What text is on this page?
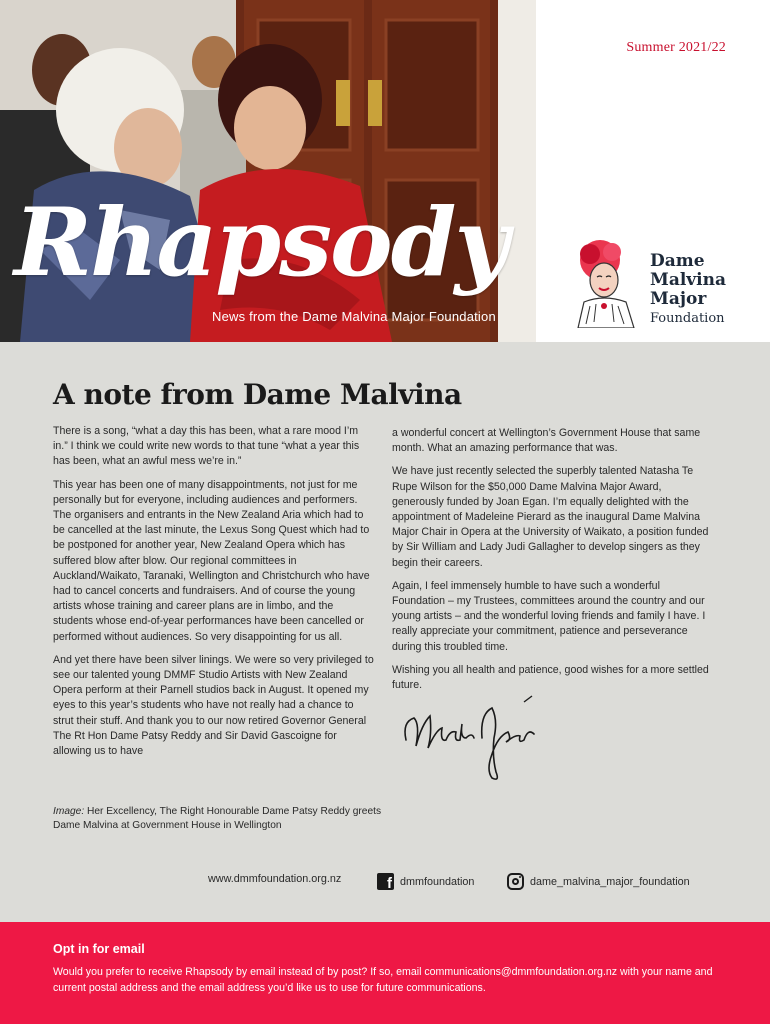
Rhapsody
News from the Dame Malvina Major Foundation
Summer 2021/22
Dame
Malvina
Major
Foundation
A note from Dame Malvina

There is a song, “what a day this has been, what a rare mood I’m in.” I think we could write new words to that tune “what a year this has been, what an awful mess we’re in.”

This year has been one of many disappointments, not just for me personally but for everyone, including audiences and performers. The organisers and entrants in the New Zealand Aria which had to be cancelled at the last minute, the Lexus Song Quest which had to be postponed for another year, New Zealand Opera which has suffered blow after blow. Our regional committees in Auckland/Waikato, Taranaki, Wellington and Christchurch who have had to cancel concerts and fundraisers. And of course the young artists whose training and career plans are in limbo, and the students whose end-of-year performances have been cancelled or performed without audiences. So very disappointing for us all.

And yet there have been silver linings. We were so very privileged to see our talented young DMMF Studio Artists with New Zealand Opera perform at their Parnell studios back in August. It opened my eyes to this year’s students who have not really had a chance to strut their stuff. And thank you to our now retired Governor General The Rt Hon Dame Patsy Reddy and Sir David Gascoigne for allowing us to have

a wonderful concert at Wellington’s Government House that same month. What an amazing performance that was.

We have just recently selected the superbly talented Natasha Te Rupe Wilson for the $50,000 Dame Malvina Major Award, generously funded by Joan Egan. I’m equally delighted with the appointment of Madeleine Pierard as the inaugural Dame Malvina Major Chair in Opera at the University of Waikato, a position funded by Sir William and Lady Judi Gallagher to develop singers as they begin their careers.

Again, I feel immensely humble to have such a wonderful Foundation – my Trustees, committees around the country and our young artists – and the wonderful loving friends and family I have. I really appreciate your commitment, patience and perseverance during this troubled time.

Wishing you all health and patience, good wishes for a more settled future.

Image: Her Excellency, The Right Honourable Dame Patsy Reddy greets Dame Malvina at Government House in Wellington
www.dmmfoundation.org.nz	f dmmfoundation	dame_malvina_major_foundation
Opt in for email
Would you prefer to receive Rhapsody by email instead of by post? If so, email communications@dmmfoundation.org.nz with your name and current postal address and the email address you’d like us to use for future communications.
